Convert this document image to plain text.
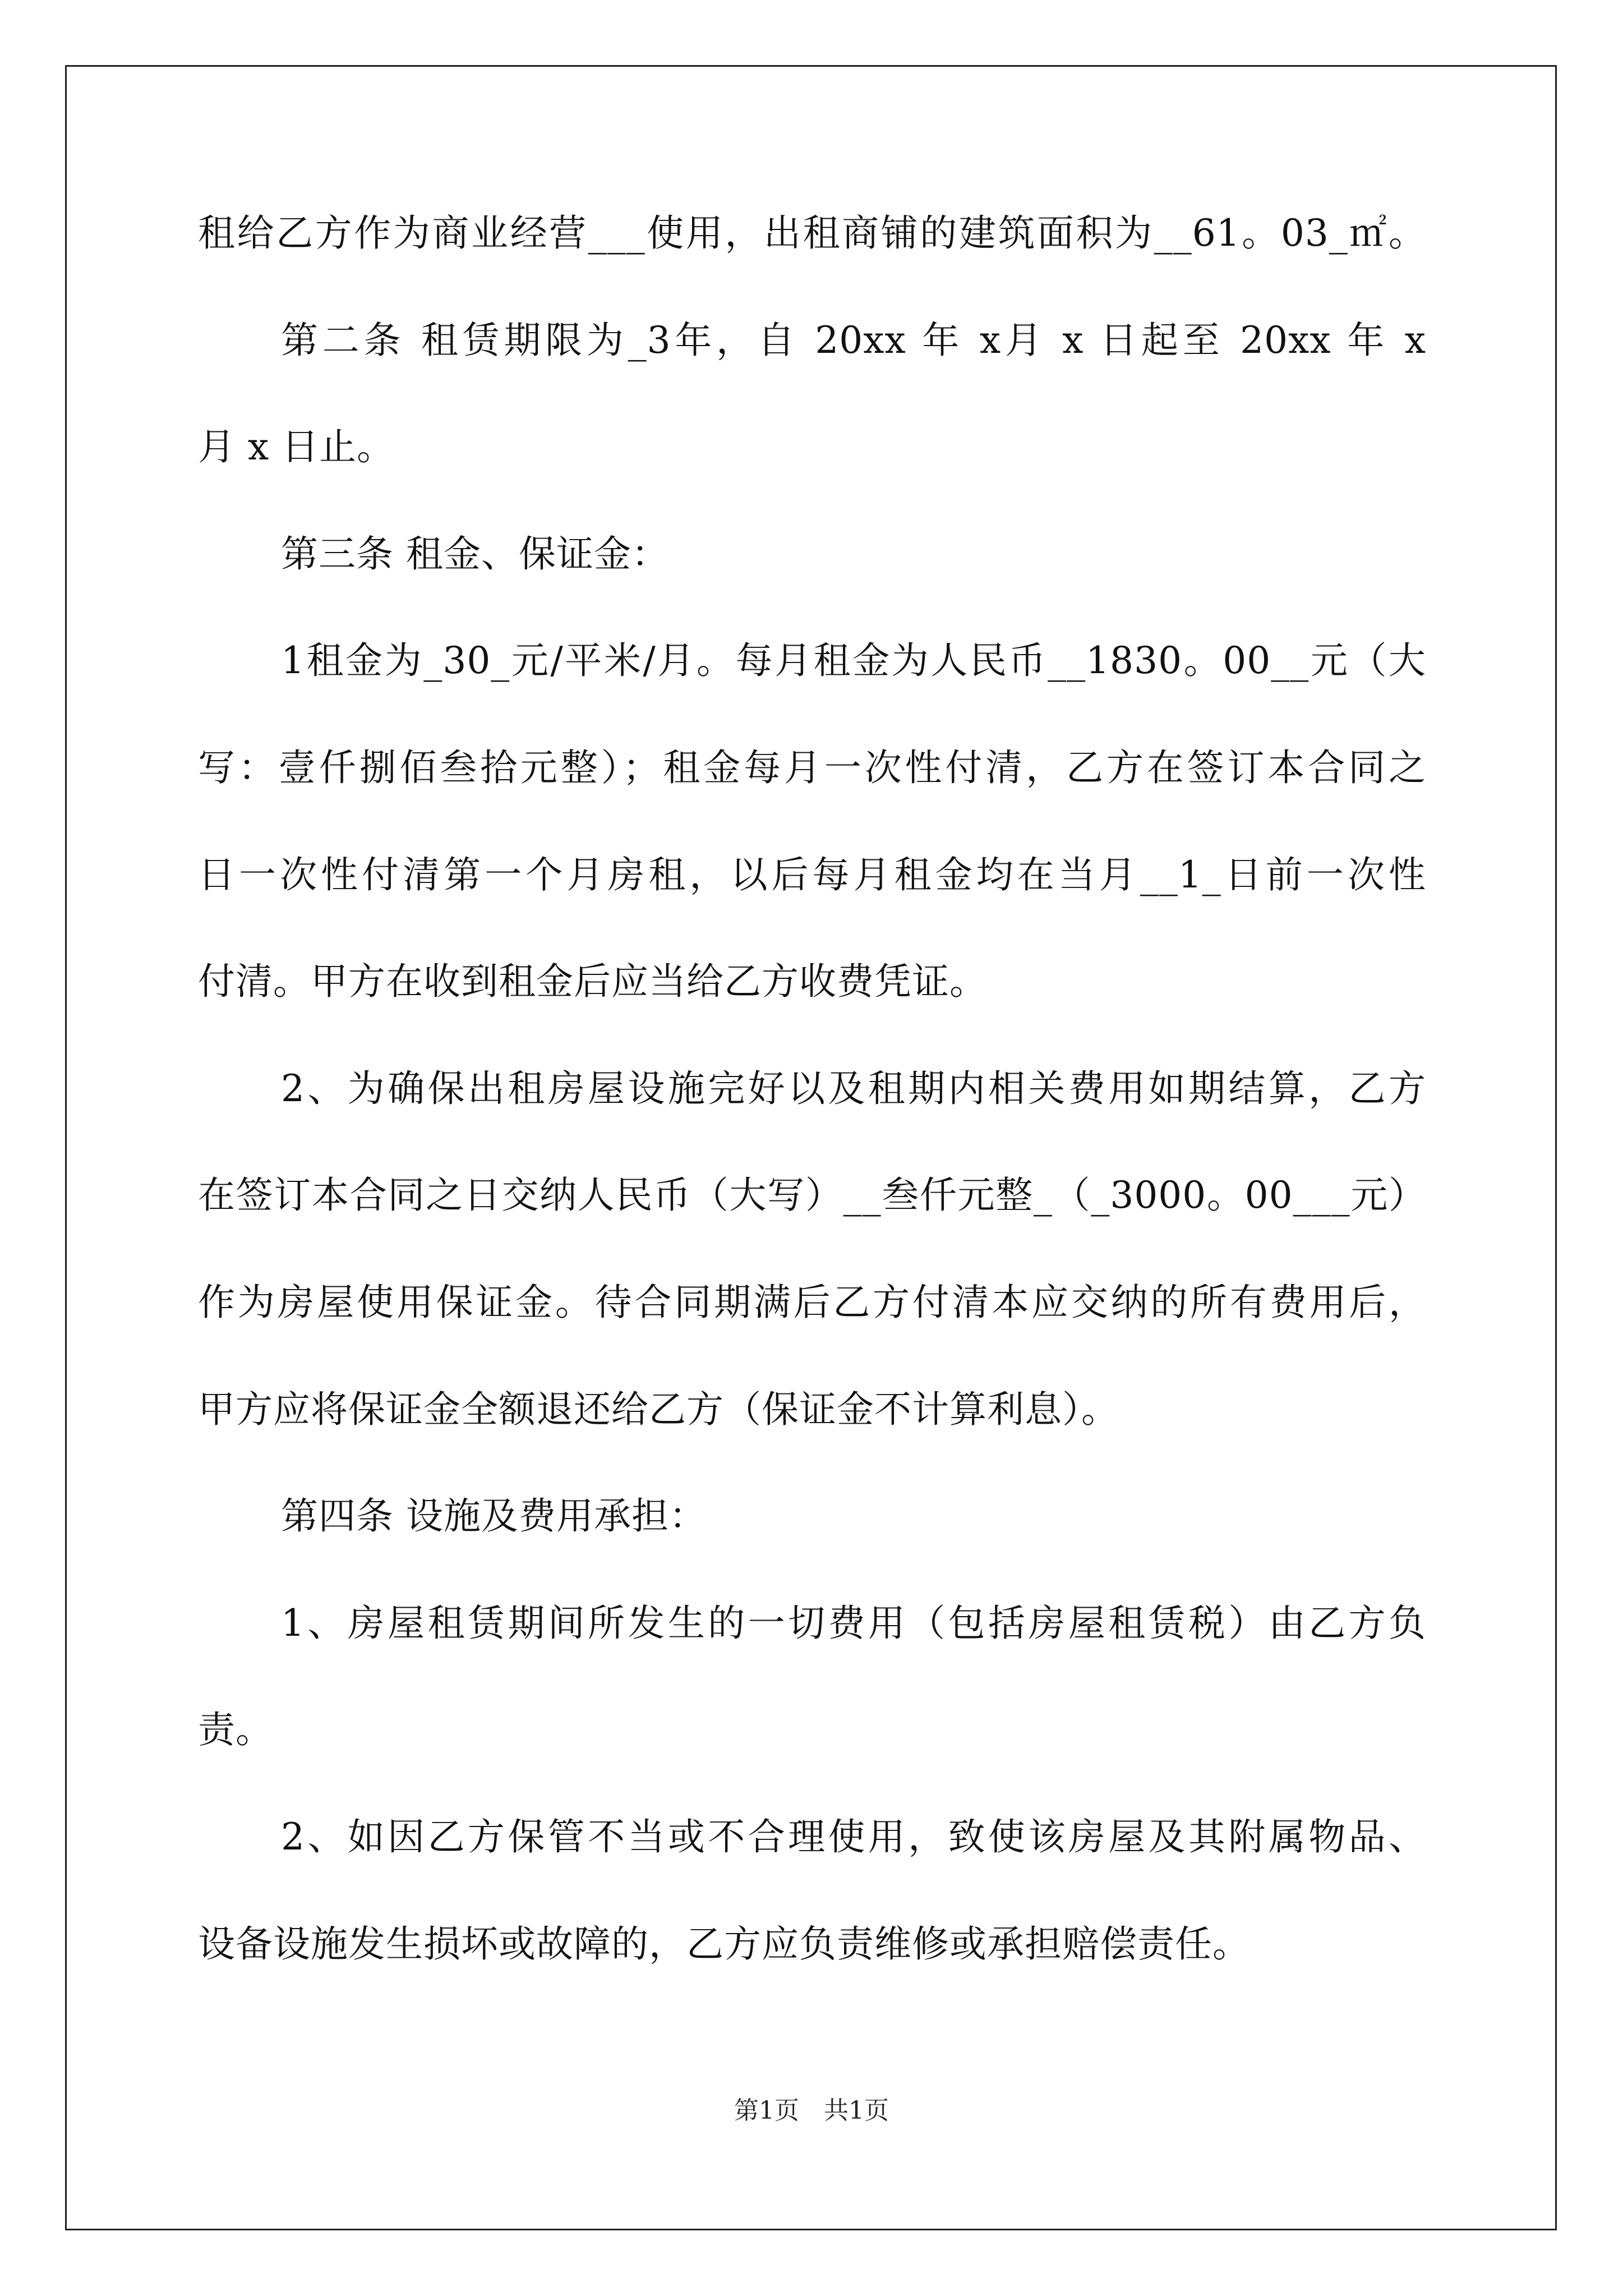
租给乙方作为商业经营___使用，出租商铺的建筑面积为__61。03_㎡。
第二条 租赁期限为_3年，自 20xx 年 x月 x 日起至 20xx 年 x
月 x 日止。
第三条 租金、保证金：
1租金为_30_元/平米/月。每月租金为人民币__1830。00__元（大
写：壹仟捌佰叁拾元整）；租金每月一次性付清，乙方在签订本合同之
日一次性付清第一个月房租，以后每月租金均在当月__1_日前一次性
付清。甲方在收到租金后应当给乙方收费凭证。
2、为确保出租房屋设施完好以及租期内相关费用如期结算，乙方
在签订本合同之日交纳人民币（大写）__叁仟元整_（_3000。00___元）
作为房屋使用保证金。待合同期满后乙方付清本应交纳的所有费用后，
甲方应将保证金全额退还给乙方（保证金不计算利息）。
第四条 设施及费用承担：
1、房屋租赁期间所发生的一切费用（包括房屋租赁税）由乙方负
责。
2、如因乙方保管不当或不合理使用，致使该房屋及其附属物品、
设备设施发生损坏或故障的，乙方应负责维修或承担赔偿责任。
第1页　共1页
